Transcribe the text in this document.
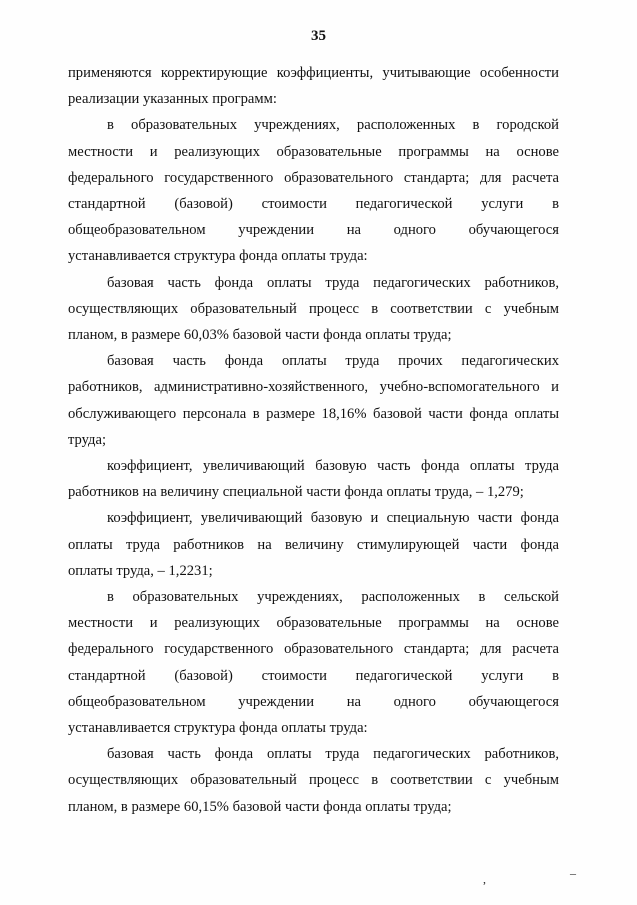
35
применяются корректирующие коэффициенты, учитывающие особенности
реализации указанных программ:
в образовательных учреждениях, расположенных в городской
местности и реализующих образовательные программы на основе
федерального государственного образовательного стандарта; для расчета
стандартной (базовой) стоимости педагогической услуги в
общеобразовательном учреждении на одного обучающегося
устанавливается структура фонда оплаты труда:
базовая часть фонда оплаты труда педагогических работников,
осуществляющих образовательный процесс в соответствии с учебным
планом, в размере 60,03% базовой части фонда оплаты труда;
базовая часть фонда оплаты труда прочих педагогических
работников, административно-хозяйственного, учебно-вспомогательного и
обслуживающего персонала в размере 18,16% базовой части фонда оплаты
труда;
коэффициент, увеличивающий базовую часть фонда оплаты труда
работников на величину специальной части фонда оплаты труда, – 1,279;
коэффициент, увеличивающий базовую и специальную части фонда
оплаты труда работников на величину стимулирующей части фонда
оплаты труда, – 1,2231;
в образовательных учреждениях, расположенных в сельской
местности и реализующих образовательные программы на основе
федерального государственного образовательного стандарта; для расчета
стандартной (базовой) стоимости педагогической услуги в
общеобразовательном учреждении на одного обучающегося
устанавливается структура фонда оплаты труда:
базовая часть фонда оплаты труда педагогических работников,
осуществляющих образовательный процесс в соответствии с учебным
планом, в размере 60,15% базовой части фонда оплаты труда;
,	–
